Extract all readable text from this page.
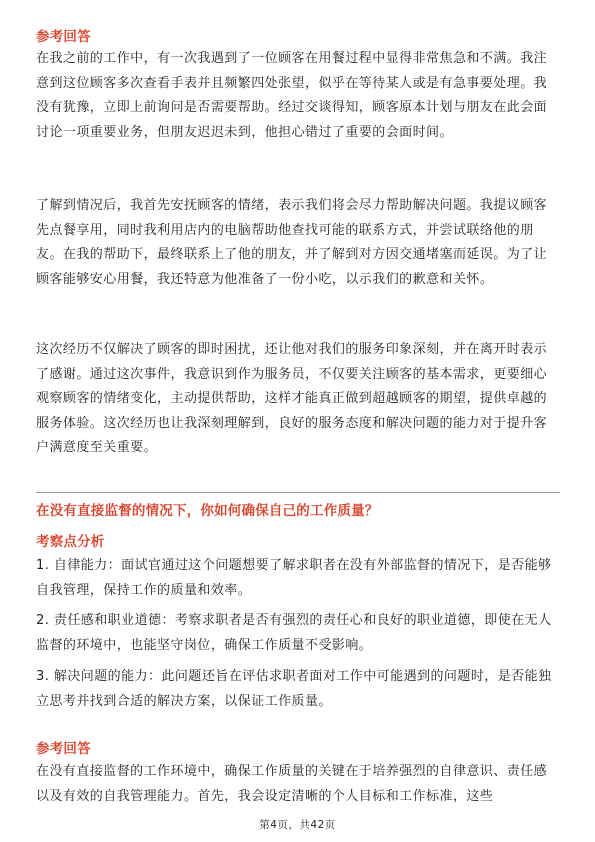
参考回答

在我之前的工作中，有一次我遇到了一位顾客在用餐过程中显得非常焦急和不满。我注意到这位顾客多次查看手表并且频繁四处张望，似乎在等待某人或是有急事要处理。我没有犹豫，立即上前询问是否需要帮助。经过交谈得知，顾客原本计划与朋友在此会面讨论一项重要业务，但朋友迟迟未到，他担心错过了重要的会面时间。

了解到情况后，我首先安抚顾客的情绪，表示我们将会尽力帮助解决问题。我提议顾客先点餐享用，同时我利用店内的电脑帮助他查找可能的联系方式，并尝试联络他的朋友。在我的帮助下，最终联系上了他的朋友，并了解到对方因交通堵塞而延误。为了让顾客能够安心用餐，我还特意为他准备了一份小吃，以示我们的歉意和关怀。

这次经历不仅解决了顾客的即时困扰，还让他对我们的服务印象深刻，并在离开时表示了感谢。通过这次事件，我意识到作为服务员，不仅要关注顾客的基本需求，更要细心观察顾客的情绪变化，主动提供帮助，这样才能真正做到超越顾客的期望，提供卓越的服务体验。这次经历也让我深刻理解到，良好的服务态度和解决问题的能力对于提升客户满意度至关重要。

在没有直接监督的情况下，你如何确保自己的工作质量？
考察点分析

1. 自律能力：面试官通过这个问题想要了解求职者在没有外部监督的情况下，是否能够自我管理，保持工作的质量和效率。

2. 责任感和职业道德：考察求职者是否有强烈的责任心和良好的职业道德，即使在无人监督的环境中，也能坚守岗位，确保工作质量不受影响。

3. 解决问题的能力：此问题还旨在评估求职者面对工作中可能遇到的问题时，是否能独立思考并找到合适的解决方案，以保证工作质量。

参考回答

在没有直接监督的工作环境中，确保工作质量的关键在于培养强烈的自律意识、责任感以及有效的自我管理能力。首先，我会设定清晰的个人目标和工作标准，这些

第4页，共42页
